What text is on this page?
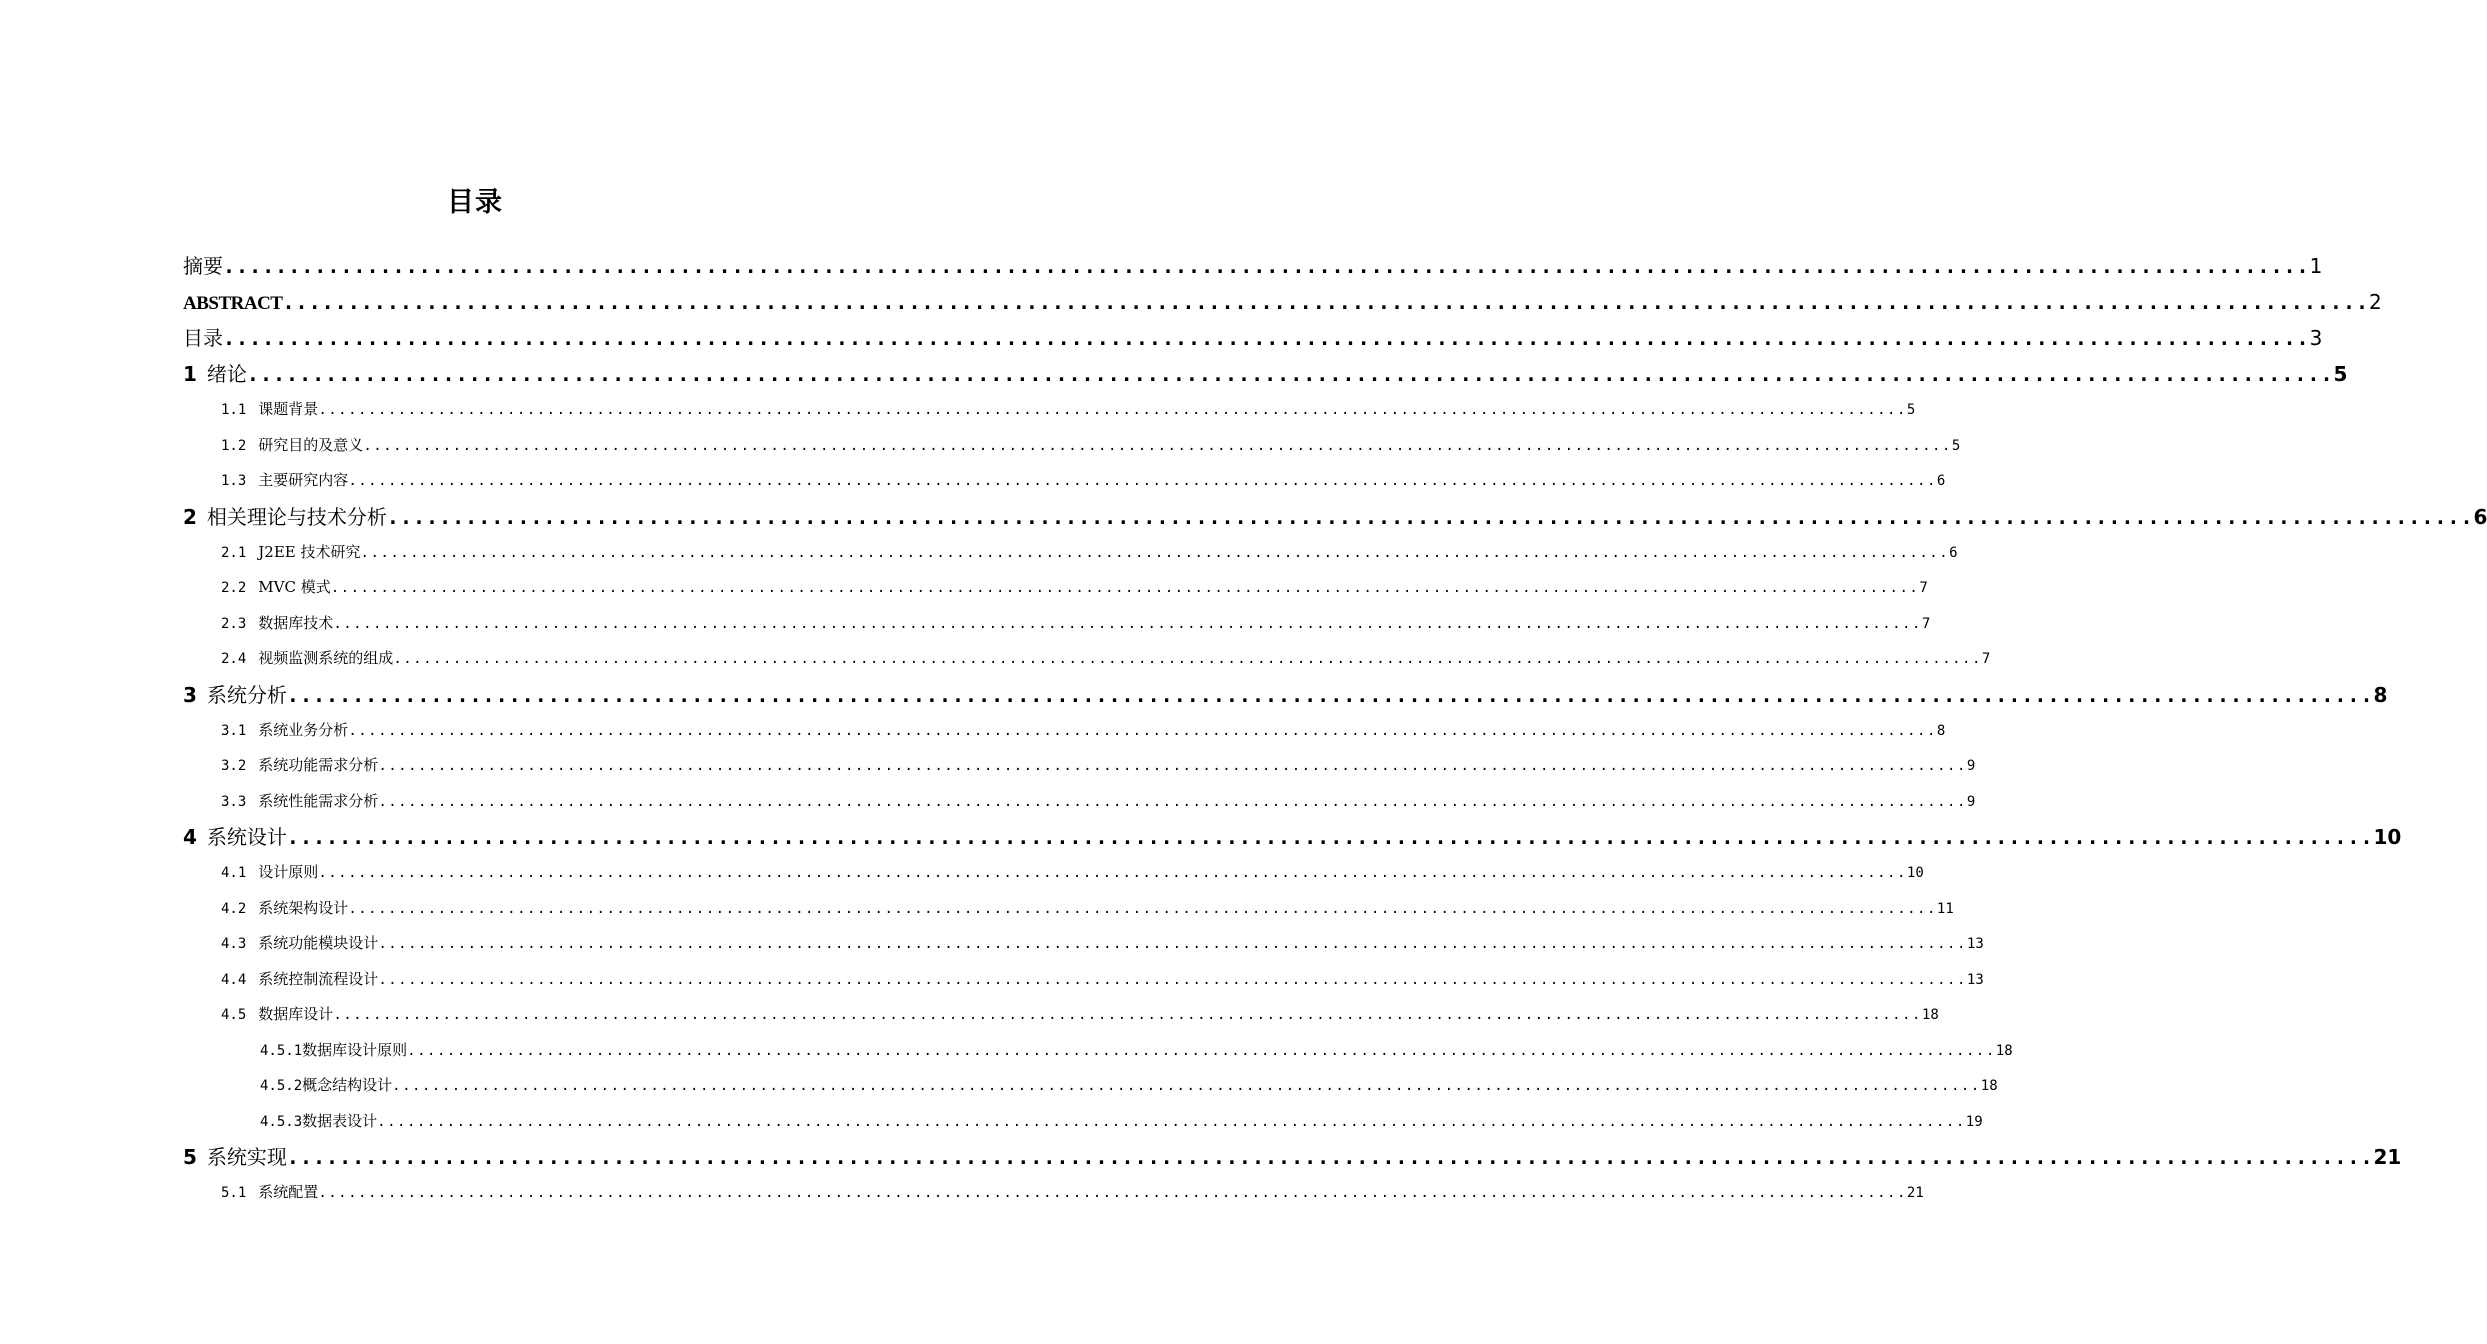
目录
摘要 ................................................................................................................................................................ 1
ABSTRACT ................................................................................................................................................................ 2
目录 ................................................................................................................................................................ 3
1 绪论 ................................................................................................................................................................ 5
1.1 课题背景 ................................................................................................................................................................ 5
1.2 研究目的及意义 ................................................................................................................................................................ 5
1.3 主要研究内容 ................................................................................................................................................................ 6
2 相关理论与技术分析 ................................................................................................................................................................ 6
2.1 J2EE 技术研究 ................................................................................................................................................................ 6
2.2 MVC 模式 ................................................................................................................................................................ 7
2.3 数据库技术 ................................................................................................................................................................ 7
2.4 视频监测系统的组成 ................................................................................................................................................................ 7
3 系统分析 ................................................................................................................................................................ 8
3.1 系统业务分析 ................................................................................................................................................................ 8
3.2 系统功能需求分析 ................................................................................................................................................................ 9
3.3 系统性能需求分析 ................................................................................................................................................................ 9
4 系统设计 ................................................................................................................................................................ 10
4.1 设计原则 ................................................................................................................................................................ 10
4.2 系统架构设计 ................................................................................................................................................................ 11
4.3 系统功能模块设计 ................................................................................................................................................................ 13
4.4 系统控制流程设计 ................................................................................................................................................................ 13
4.5 数据库设计 ................................................................................................................................................................ 18
4.5.1数据库设计原则 ................................................................................................................................................................ 18
4.5.2概念结构设计 ................................................................................................................................................................ 18
4.5.3数据表设计 ................................................................................................................................................................ 19
5 系统实现 ................................................................................................................................................................ 21
5.1 系统配置 ................................................................................................................................................................ 21
